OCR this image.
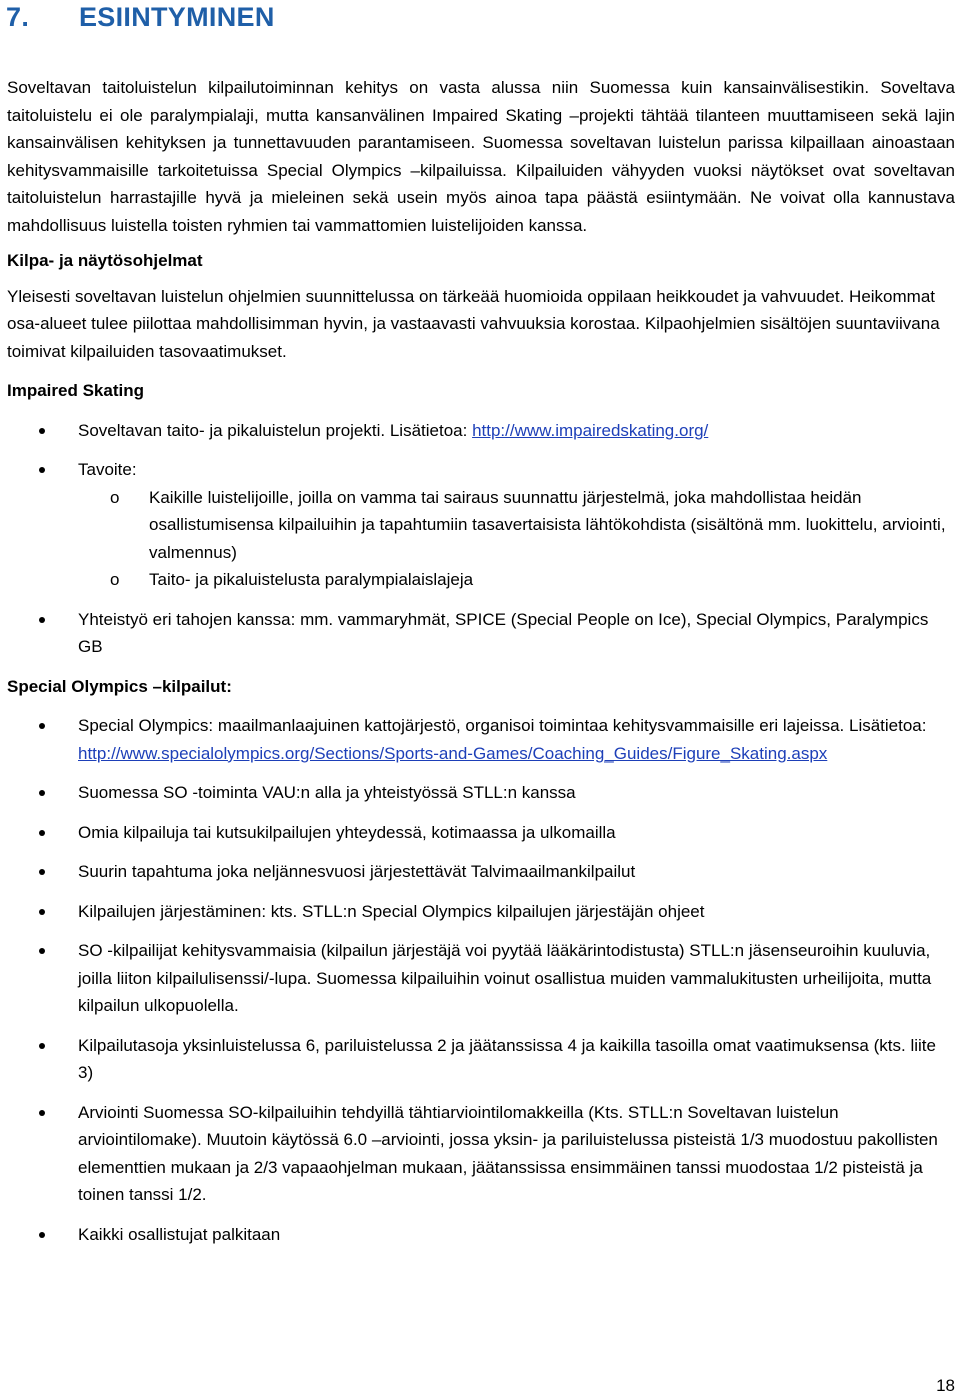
7. ESIINTYMINEN

Soveltavan taitoluistelun kilpailutoiminnan kehitys on vasta alussa niin Suomessa kuin kansainvälisestikin. Soveltava taitoluistelu ei ole paralympialaji, mutta kansanvälinen Impaired Skating –projekti tähtää tilanteen muuttamiseen sekä lajin kansainvälisen kehityksen ja tunnettavuuden parantamiseen. Suomessa soveltavan luistelun parissa kilpaillaan ainoastaan kehitysvammaisille tarkoitetuissa Special Olympics –kilpailuissa. Kilpailuiden vähyyden vuoksi näytökset ovat soveltavan taitoluistelun harrastajille hyvä ja mieleinen sekä usein myös ainoa tapa päästä esiintymään. Ne voivat olla kannustava mahdollisuus luistella toisten ryhmien tai vammattomien luistelijoiden kanssa.

Kilpa- ja näytösohjelmat

Yleisesti soveltavan luistelun ohjelmien suunnittelussa on tärkeää huomioida oppilaan heikkoudet ja vahvuudet. Heikommat osa-alueet tulee piilottaa mahdollisimman hyvin, ja vastaavasti vahvuuksia korostaa. Kilpaohjelmien sisältöjen suuntaviivana toimivat kilpailuiden tasovaatimukset.

Impaired Skating

Soveltavan taito- ja pikaluistelun projekti. Lisätietoa: http://www.impairedskating.org/
Tavoite:
o Kaikille luistelijoille, joilla on vamma tai sairaus suunnattu järjestelmä, joka mahdollistaa heidän osallistumisensa kilpailuihin ja tapahtumiin tasavertaisista lähtökohdista (sisältönä mm. luokittelu, arviointi, valmennus)
o Taito- ja pikaluistelusta paralympialaislajeja
Yhteistyö eri tahojen kanssa: mm. vammaryhmät, SPICE (Special People on Ice), Special Olympics, Paralympics GB

Special Olympics –kilpailut:

Special Olympics: maailmanlaajuinen kattojärjestö, organisoi toimintaa kehitysvammaisille eri lajeissa. Lisätietoa: http://www.specialolympics.org/Sections/Sports-and-Games/Coaching_Guides/Figure_Skating.aspx
Suomessa SO -toiminta VAU:n alla ja yhteistyössä STLL:n kanssa
Omia kilpailuja tai kutsukilpailujen yhteydessä, kotimaassa ja ulkomailla
Suurin tapahtuma joka neljännesvuosi järjestettävät Talvimaailmankilpailut
Kilpailujen järjestäminen: kts. STLL:n Special Olympics kilpailujen järjestäjän ohjeet
SO -kilpailijat kehitysvammaisia (kilpailun järjestäjä voi pyytää lääkärintodistusta) STLL:n jäsenseuroihin kuuluvia, joilla liiton kilpailulisenssi/-lupa. Suomessa kilpailuihin voinut osallistua muiden vammalukitusten urheilijoita, mutta kilpailun ulkopuolella.
Kilpailutasoja yksinluistelussa 6, pariluistelussa 2 ja jäätanssissa 4 ja kaikilla tasoilla omat vaatimuksensa (kts. liite 3)
Arviointi Suomessa SO-kilpailuihin tehdyillä tähtiarviointilomakkeilla (Kts. STLL:n Soveltavan luistelun arviointilomake). Muutoin käytössä 6.0 –arviointi, jossa yksin- ja pariluistelussa pisteistä 1/3 muodostuu pakollisten elementtien mukaan ja 2/3 vapaaohjelman mukaan, jäätanssissa ensimmäinen tanssi muodostaa 1/2 pisteistä ja toinen tanssi 1/2.
Kaikki osallistujat palkitaan
18
